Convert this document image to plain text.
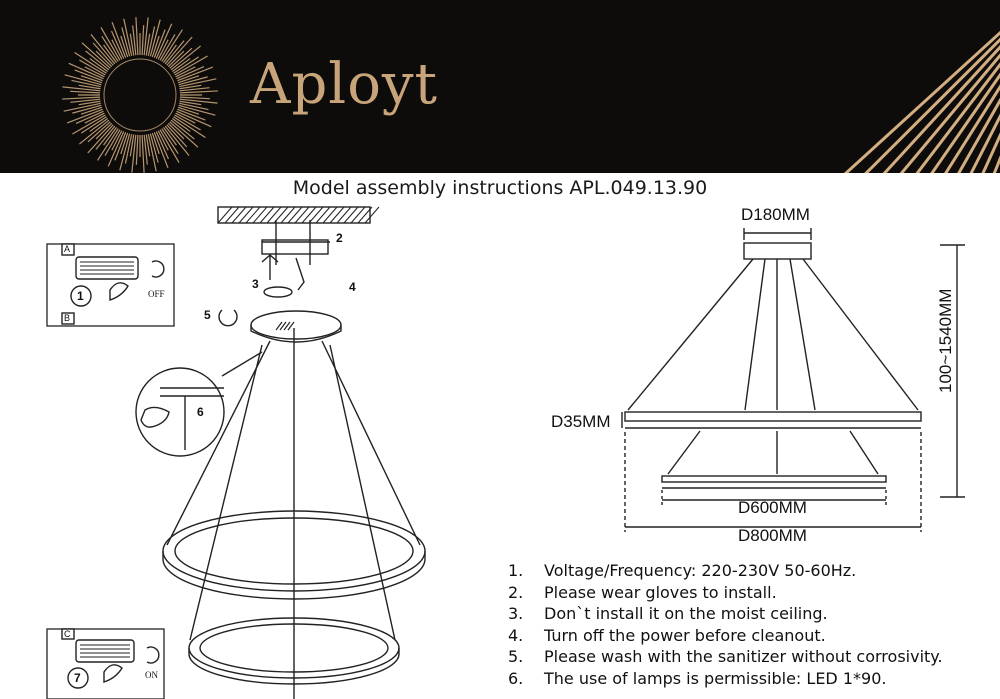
Aployt
Model assembly instructions APL.049.13.90
2
3	4
5
6
A
B
1	OFF
C
7	ON
D180MM
100~1540MM
D35MM
D600MM
D800MM
1. Voltage/Frequency: 220-230V 50-60Hz.
2. Please wear gloves to install.
3. Don`t install it on the moist ceiling.
4. Turn off the power before cleanout.
5. Please wash with the sanitizer without corrosivity.
6. The use of lamps is permissible: LED 1*90.
